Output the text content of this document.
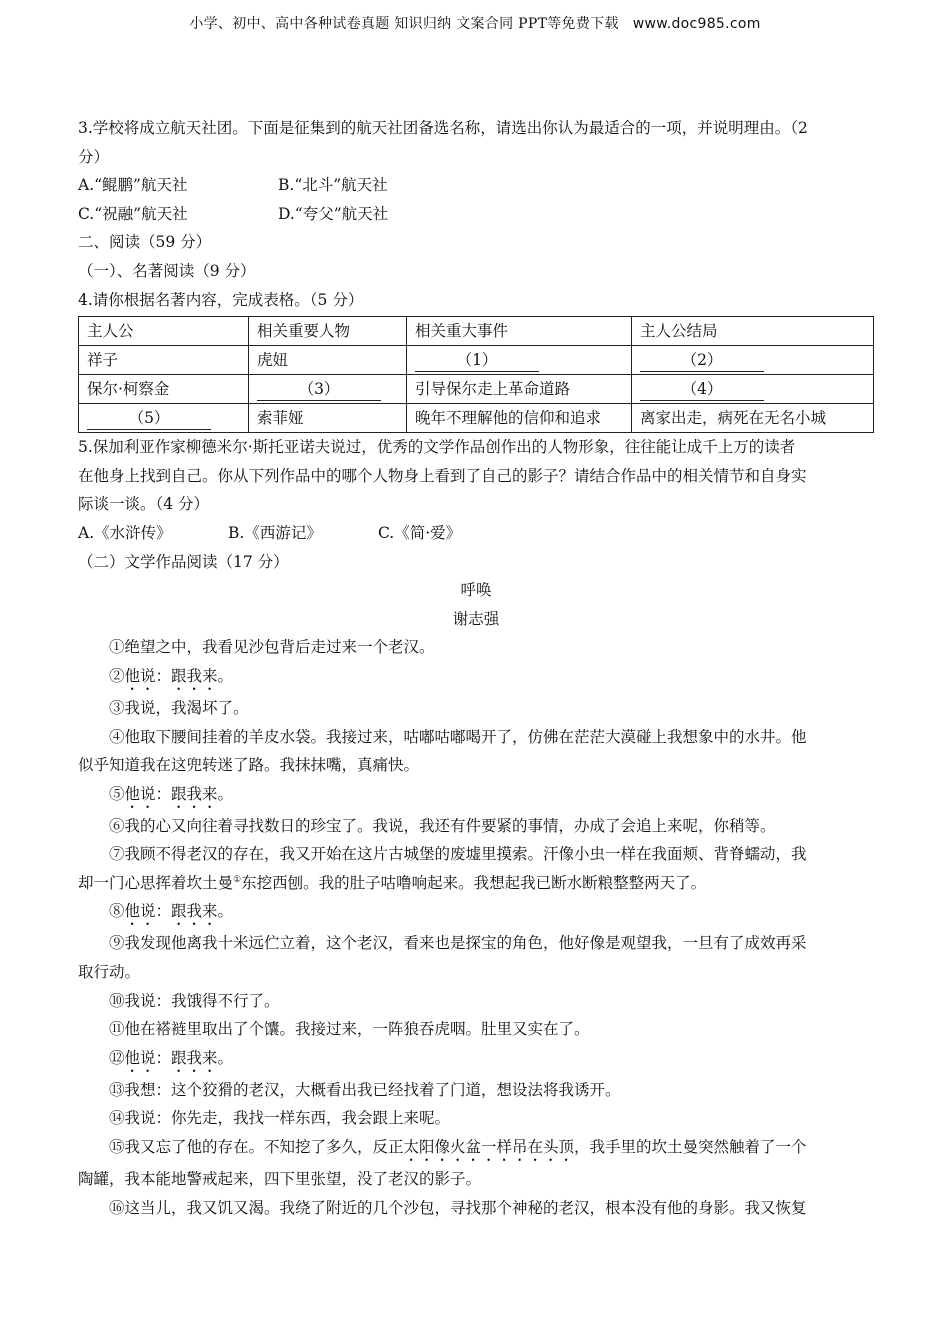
小学、初中、高中各种试卷真题 知识归纳 文案合同 PPT等免费下载 www.doc985.com
3.学校将成立航天社团。下面是征集到的航天社团备选名称，请选出你认为最适合的一项，并说明理由。（2
分）
A.“鲲鹏”航天社	B.“北斗”航天社
C.“祝融”航天社	D.“夸父”航天社
二、阅读（59 分）
（一）、名著阅读（9 分）
4.请你根据名著内容，完成表格。（5 分）
主人公	相关重要人物	相关重大事件	主人公结局
祥子	虎妞	（1）	（2）
保尔·柯察金	（3）	引导保尔走上革命道路	（4）
（5）	索菲娅	晚年不理解他的信仰和追求	离家出走，病死在无名小城
5.保加利亚作家柳德米尔·斯托亚诺夫说过，优秀的文学作品创作出的人物形象，往往能让成千上万的读者
在他身上找到自己。你从下列作品中的哪个人物身上看到了自己的影子？请结合作品中的相关情节和自身实
际谈一谈。（4 分）
A.《水浒传》	B.《西游记》	C.《简·爱》
（二）文学作品阅读（17 分）
呼唤
谢志强
①绝望之中，我看见沙包背后走过来一个老汉。
②他说：跟我来。
③我说，我渴坏了。
④他取下腰间挂着的羊皮水袋。我接过来，咕嘟咕嘟喝开了，仿佛在茫茫大漠碰上我想象中的水井。他
似乎知道我在这兜转迷了路。我抹抹嘴，真痛快。
⑤他说：跟我来。
⑥我的心又向往着寻找数日的珍宝了。我说，我还有件要紧的事情，办成了会追上来呢，你稍等。
⑦我顾不得老汉的存在，我又开始在这片古城堡的废墟里摸索。汗像小虫一样在我面颊、背脊蠕动，我
却一门心思挥着坎土曼①东挖西刨。我的肚子咕噜响起来。我想起我已断水断粮整整两天了。
⑧他说：跟我来。
⑨我发现他离我十米远伫立着，这个老汉，看来也是探宝的角色，他好像是观望我，一旦有了成效再采
取行动。
⑩我说：我饿得不行了。
⑪他在褡裢里取出了个馕。我接过来，一阵狼吞虎咽。肚里又实在了。
⑫他说：跟我来。
⑬我想：这个狡猾的老汉，大概看出我已经找着了门道，想设法将我诱开。
⑭我说：你先走，我找一样东西，我会跟上来呢。
⑮我又忘了他的存在。不知挖了多久，反正太阳像火盆一样吊在头顶，我手里的坎土曼突然触着了一个
陶罐，我本能地警戒起来，四下里张望，没了老汉的影子。
⑯这当儿，我又饥又渴。我绕了附近的几个沙包，寻找那个神秘的老汉，根本没有他的身影。我又恢复
